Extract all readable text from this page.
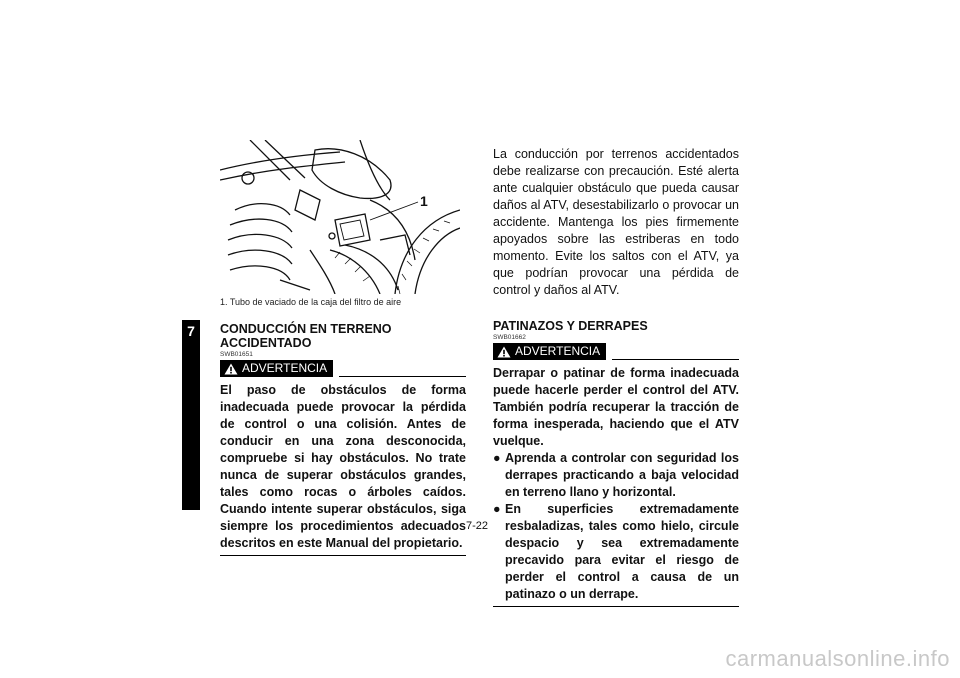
7
1
1. Tubo de vaciado de la caja del filtro de aire

CONDUCCIÓN EN TERRENO ACCIDENTADO

SWB01651

ADVERTENCIA

El paso de obstáculos de forma inadecuada puede provocar la pérdida de control o una colisión. Antes de conducir en una zona desconocida, compruebe si hay obstáculos. No trate nunca de superar obstáculos grandes, tales como rocas o árboles caídos. Cuando intente superar obstáculos, siga siempre los procedimientos adecuados descritos en este Manual del propietario.

La conducción por terrenos accidentados debe realizarse con precaución. Esté alerta ante cualquier obstáculo que pueda causar daños al ATV, desestabilizarlo o provocar un accidente. Mantenga los pies firmemente apoyados sobre las estriberas en todo momento. Evite los saltos con el ATV, ya que podrían provocar una pérdida de control y daños al ATV.

PATINAZOS Y DERRAPES

SWB01662

ADVERTENCIA

Derrapar o patinar de forma inadecuada puede hacerle perder el control del ATV. También podría recuperar la tracción de forma inesperada, haciendo que el ATV vuelque.

● Aprenda a controlar con seguridad los derrapes practicando a baja velocidad en terreno llano y horizontal.
● En superficies extremadamente resbaladizas, tales como hielo, circule despacio y sea extremadamente precavido para evitar el riesgo de perder el control a causa de un patinazo o un derrape.
7-22
carmanualsonline.info
